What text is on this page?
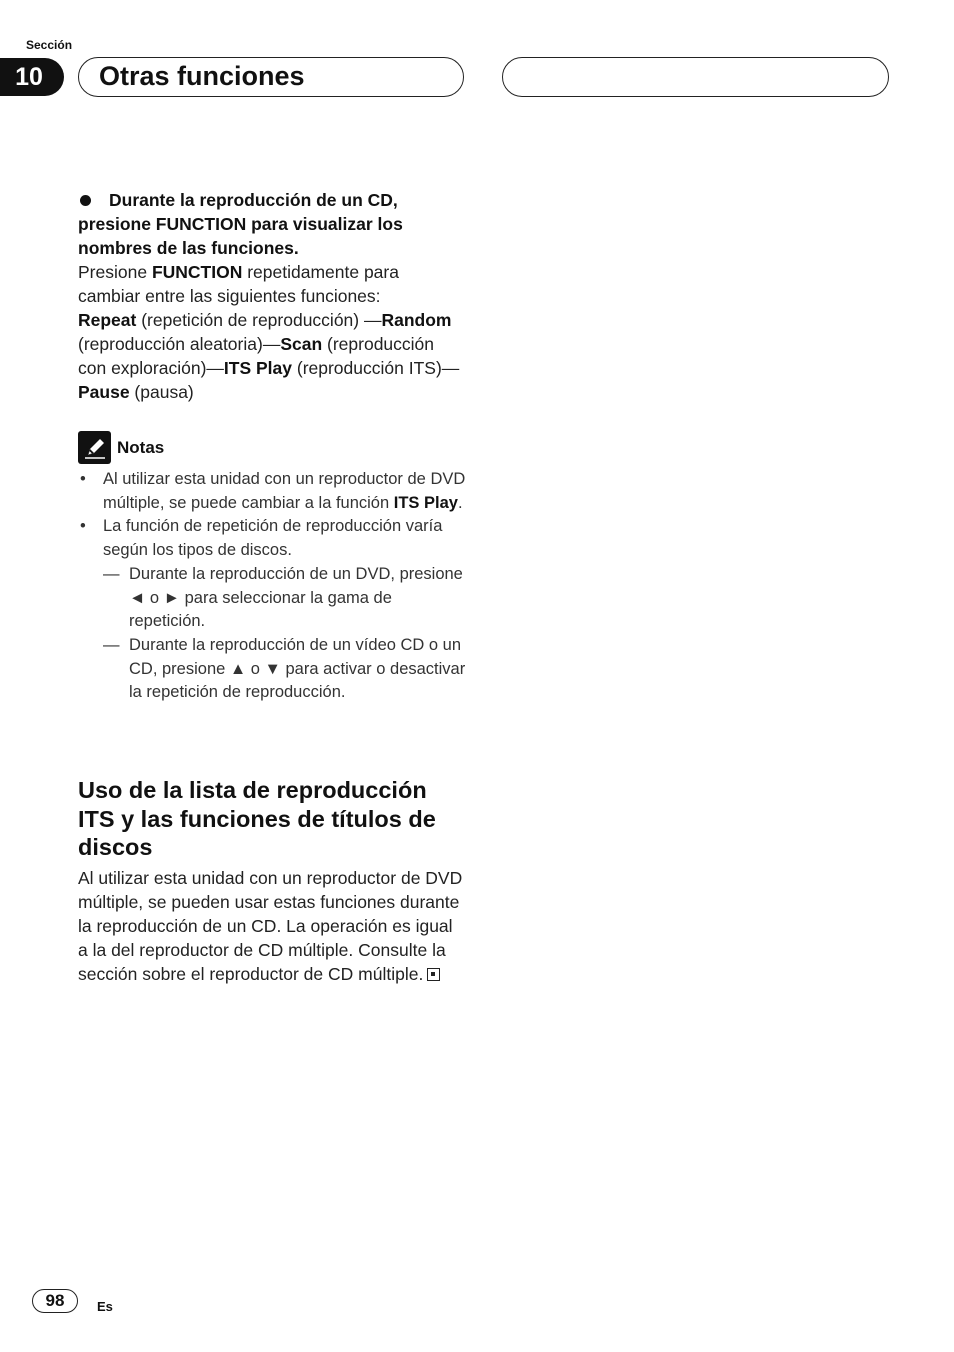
Sección
10	Otras funciones
Durante la reproducción de un CD, presione FUNCTION para visualizar los nombres de las funciones.
Presione FUNCTION repetidamente para cambiar entre las siguientes funciones:
Repeat (repetición de reproducción) —Random (reproducción aleatoria)—Scan (reproducción con exploración)—ITS Play (reproducción ITS)—Pause (pausa)
Notas
• Al utilizar esta unidad con un reproductor de DVD múltiple, se puede cambiar a la función ITS Play.
• La función de repetición de reproducción varía según los tipos de discos.
— Durante la reproducción de un DVD, presione ◄ o ► para seleccionar la gama de repetición.
— Durante la reproducción de un vídeo CD o un CD, presione ▲ o ▼ para activar o desactivar la repetición de reproducción.
Uso de la lista de reproducción ITS y las funciones de títulos de discos
Al utilizar esta unidad con un reproductor de DVD múltiple, se pueden usar estas funciones durante la reproducción de un CD. La operación es igual a la del reproductor de CD múltiple. Consulte la sección sobre el reproductor de CD múltiple.
98	Es
